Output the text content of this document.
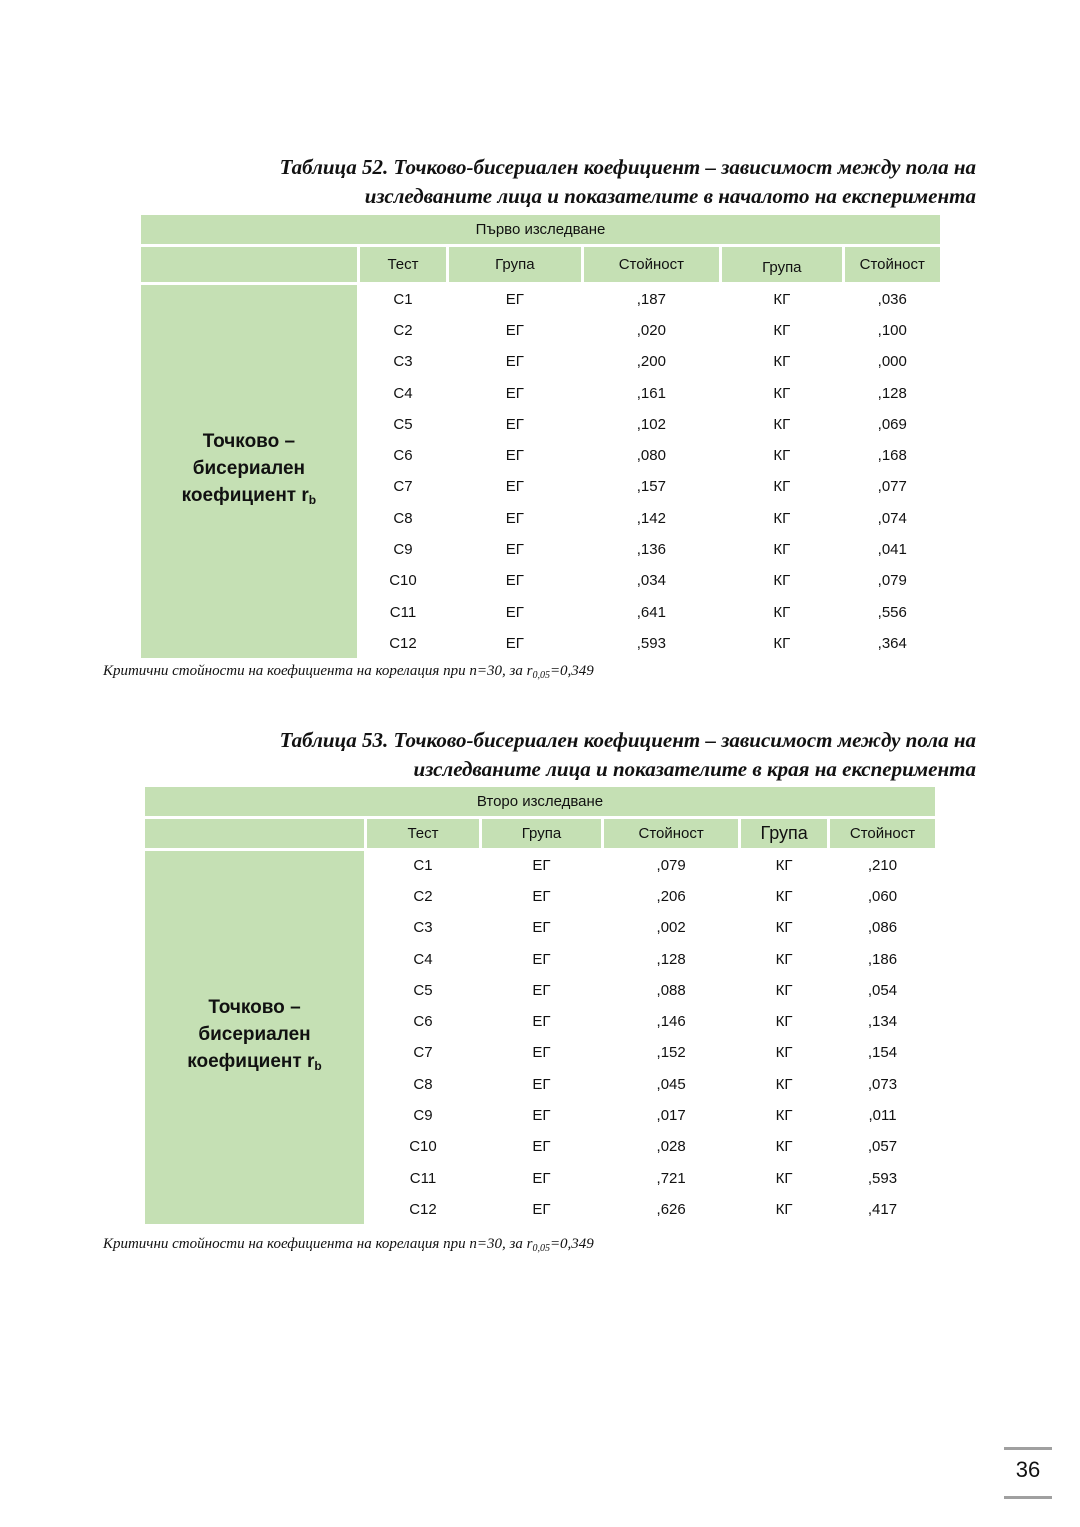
Таблица 52. Точково-бисериален коефициент – зависимост между пола на
изследваните лица и показателите в началото на експеримента
Първо изследване					
	Тест	Група	Стойност	Група	Стойност

Точково –
бисериален
коефициент $r_b$	C1	ЕГ	,187	КГ	,036
	C2	ЕГ	,020	КГ	,100
	C3	ЕГ	,200	КГ	,000
	C4	ЕГ	,161	КГ	,128
	C5	ЕГ	,102	КГ	,069
	C6	ЕГ	,080	КГ	,168
	C7	ЕГ	,157	КГ	,077
	C8	ЕГ	,142	КГ	,074
	C9	ЕГ	,136	КГ	,041
	C10	ЕГ	,034	КГ	,079
	C11	ЕГ	,641	КГ	,556
	C12	ЕГ	,593	КГ	,364
Критични стойности на коефициента на корелация при n=30, за $r_{0,05}=0,349$
Таблица 53. Точково-бисериален коефициент – зависимост между пола на
изследваните лица и показателите в края на експеримента
Второ изследване					
	Тест	Група	Стойност	Група	Стойност

Точково –
бисериален
коефициент $r_b$	C1	ЕГ	,079	КГ	,210
	C2	ЕГ	,206	КГ	,060
	C3	ЕГ	,002	КГ	,086
	C4	ЕГ	,128	КГ	,186
	C5	ЕГ	,088	КГ	,054
	C6	ЕГ	,146	КГ	,134
	C7	ЕГ	,152	КГ	,154
	C8	ЕГ	,045	КГ	,073
	C9	ЕГ	,017	КГ	,011
	C10	ЕГ	,028	КГ	,057
	C11	ЕГ	,721	КГ	,593
	C12	ЕГ	,626	КГ	,417
Критични стойности на коефициента на корелация при n=30, за $r_{0,05}=0,349$
36
